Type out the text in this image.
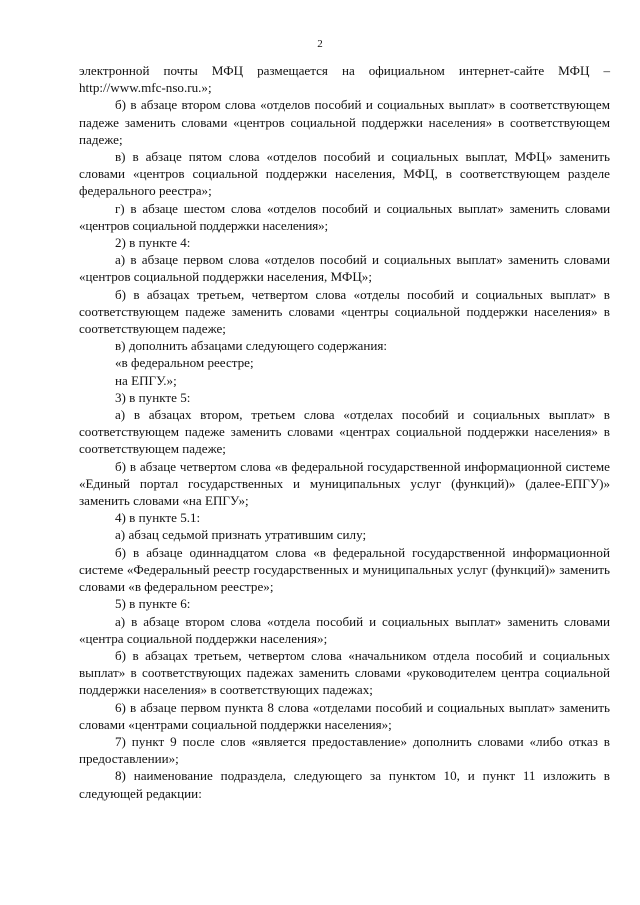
2

электронной почты МФЦ размещается на официальном интернет-сайте МФЦ – http://www.mfc-nso.ru.»;

б) в абзаце втором слова «отделов пособий и социальных выплат» в соответствующем падеже заменить словами «центров социальной поддержки населения» в соответствующем падеже;

в) в абзаце пятом слова «отделов пособий и социальных выплат, МФЦ» заменить словами «центров социальной поддержки населения, МФЦ, в соответствующем разделе федерального реестра»;

г) в абзаце шестом слова «отделов пособий и социальных выплат» заменить словами «центров социальной поддержки населения»;

2) в пункте 4:

а) в абзаце первом слова «отделов пособий и социальных выплат» заменить словами «центров социальной поддержки населения, МФЦ»;

б) в абзацах третьем, четвертом слова «отделы пособий и социальных выплат» в соответствующем падеже заменить словами «центры социальной поддержки населения» в соответствующем падеже;

в) дополнить абзацами следующего содержания:

«в федеральном реестре;

на ЕПГУ.»;

3) в пункте 5:

а) в абзацах втором, третьем слова «отделах пособий и социальных выплат» в соответствующем падеже заменить словами «центрах социальной поддержки населения» в соответствующем падеже;

б) в абзаце четвертом слова «в федеральной государственной информационной системе «Единый портал государственных и муниципальных услуг (функций)» (далее-ЕПГУ)» заменить словами «на ЕПГУ»;

4) в пункте 5.1:

а) абзац седьмой признать утратившим силу;

б) в абзаце одиннадцатом слова «в федеральной государственной информационной системе «Федеральный реестр государственных и муниципальных услуг (функций)» заменить словами «в федеральном реестре»;

5) в пункте 6:

а) в абзаце втором слова «отдела пособий и социальных выплат» заменить словами «центра социальной поддержки населения»;

б) в абзацах третьем, четвертом слова «начальником отдела пособий и социальных выплат» в соответствующих падежах заменить словами «руководителем центра социальной поддержки населения» в соответствующих падежах;

6) в абзаце первом пункта 8 слова «отделами пособий и социальных выплат» заменить словами «центрами социальной поддержки населения»;

7) пункт 9 после слов «является предоставление» дополнить словами «либо отказ в предоставлении»;

8) наименование подраздела, следующего за пунктом 10, и пункт 11 изложить в следующей редакции:
